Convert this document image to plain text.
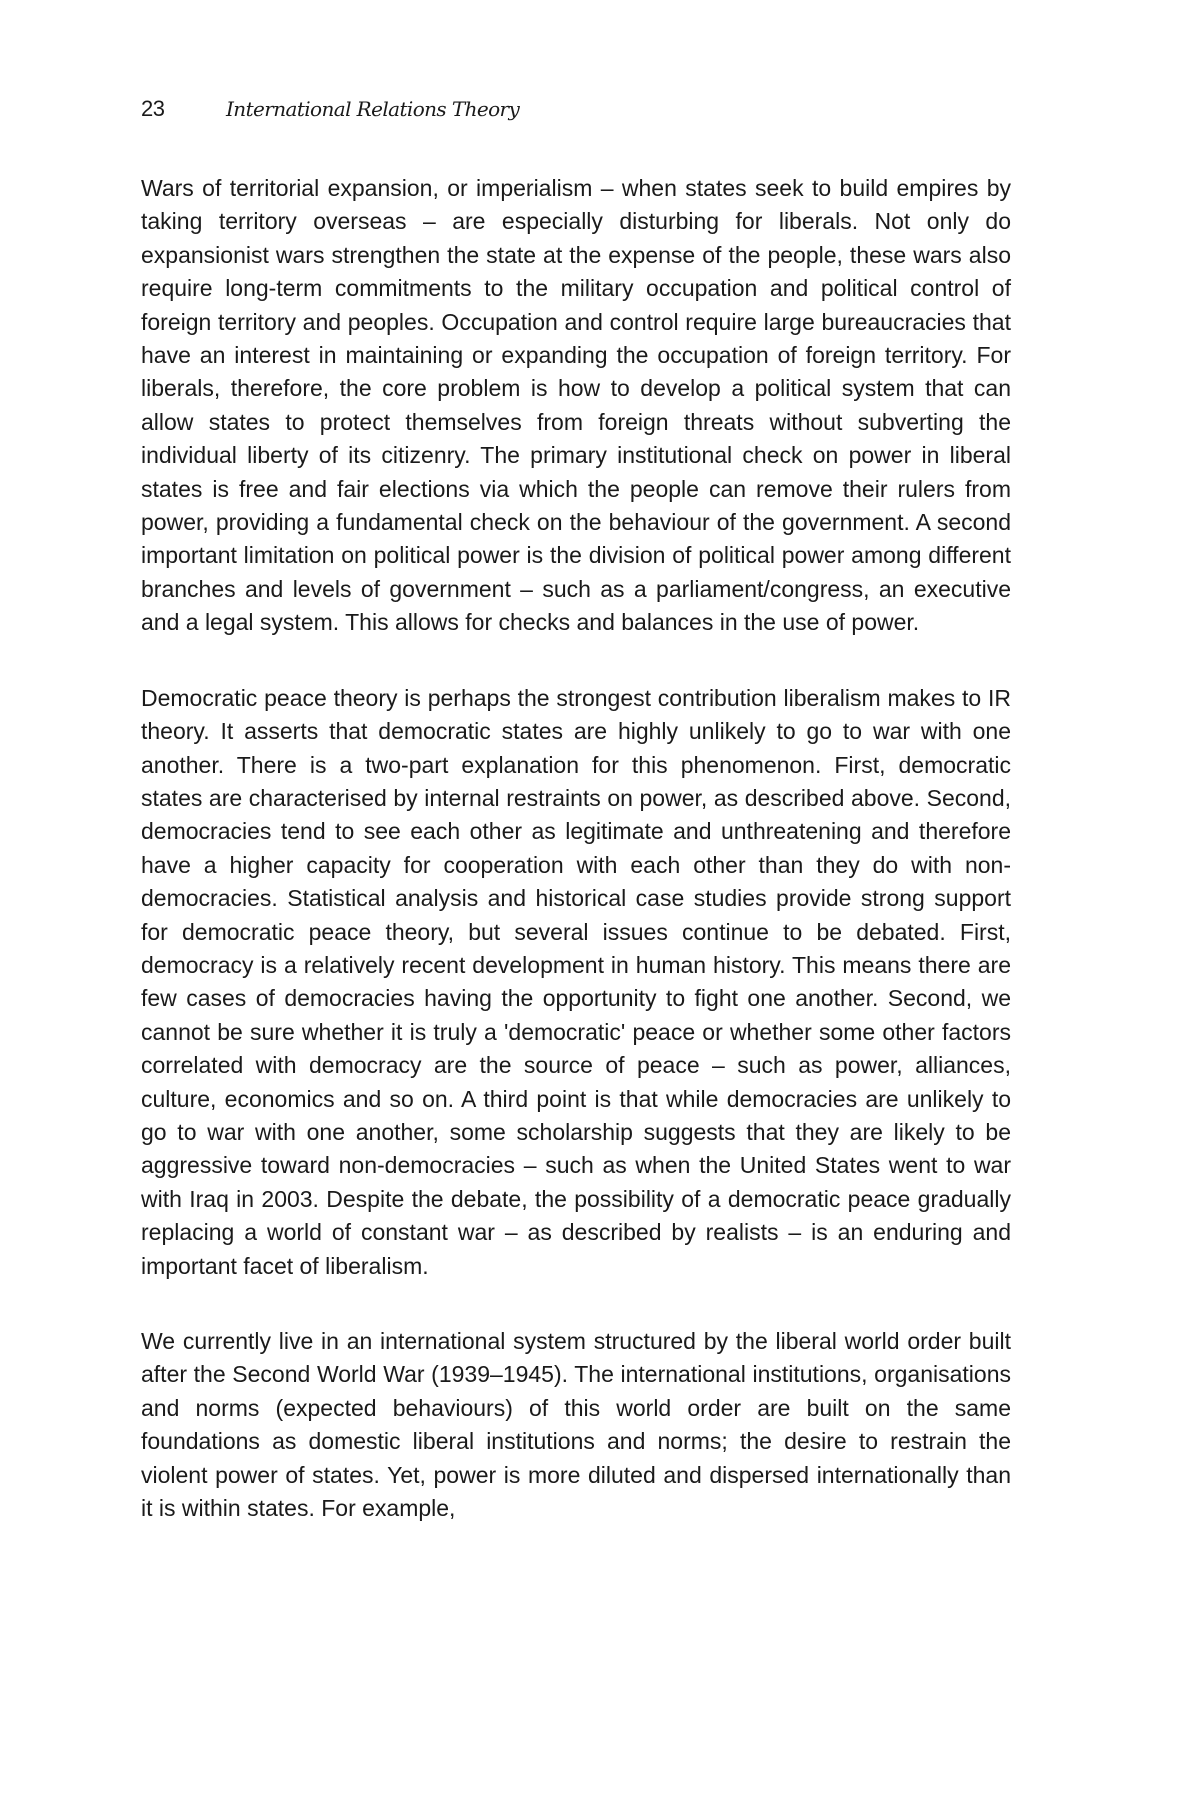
23	International Relations Theory

Wars of territorial expansion, or imperialism – when states seek to build empires by taking territory overseas – are especially disturbing for liberals. Not only do expansionist wars strengthen the state at the expense of the people, these wars also require long-term commitments to the military occupation and political control of foreign territory and peoples. Occupation and control require large bureaucracies that have an interest in maintaining or expanding the occupation of foreign territory. For liberals, therefore, the core problem is how to develop a political system that can allow states to protect themselves from foreign threats without subverting the individual liberty of its citizenry. The primary institutional check on power in liberal states is free and fair elections via which the people can remove their rulers from power, providing a fundamental check on the behaviour of the government. A second important limitation on political power is the division of political power among different branches and levels of government – such as a parliament/congress, an executive and a legal system. This allows for checks and balances in the use of power.

Democratic peace theory is perhaps the strongest contribution liberalism makes to IR theory. It asserts that democratic states are highly unlikely to go to war with one another. There is a two-part explanation for this phenomenon. First, democratic states are characterised by internal restraints on power, as described above. Second, democracies tend to see each other as legitimate and unthreatening and therefore have a higher capacity for cooperation with each other than they do with non-democracies. Statistical analysis and historical case studies provide strong support for democratic peace theory, but several issues continue to be debated. First, democracy is a relatively recent development in human history. This means there are few cases of democracies having the opportunity to fight one another. Second, we cannot be sure whether it is truly a 'democratic' peace or whether some other factors correlated with democracy are the source of peace – such as power, alliances, culture, economics and so on. A third point is that while democracies are unlikely to go to war with one another, some scholarship suggests that they are likely to be aggressive toward non-democracies – such as when the United States went to war with Iraq in 2003. Despite the debate, the possibility of a democratic peace gradually replacing a world of constant war – as described by realists – is an enduring and important facet of liberalism.

We currently live in an international system structured by the liberal world order built after the Second World War (1939–1945). The international institutions, organisations and norms (expected behaviours) of this world order are built on the same foundations as domestic liberal institutions and norms; the desire to restrain the violent power of states. Yet, power is more diluted and dispersed internationally than it is within states. For example,
